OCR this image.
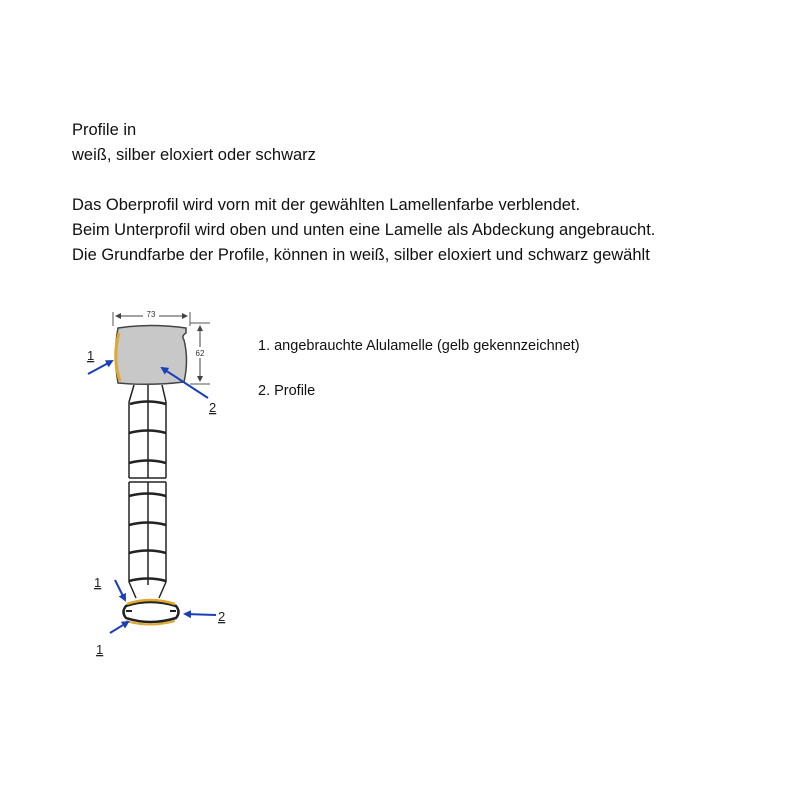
Profile in

weiß, silber eloxiert oder schwarz

Das Oberprofil wird vorn mit der gewählten Lamellenfarbe verblendet.

Beim Unterprofil wird oben und unten eine Lamelle als Abdeckung angebraucht.

Die Grundfarbe der Profile, können in weiß, silber eloxiert und schwarz gewählt

1. angebrauchte Alulamelle (gelb gekennzeichnet)
2. Profile
73
62
1
2
1
2
1
